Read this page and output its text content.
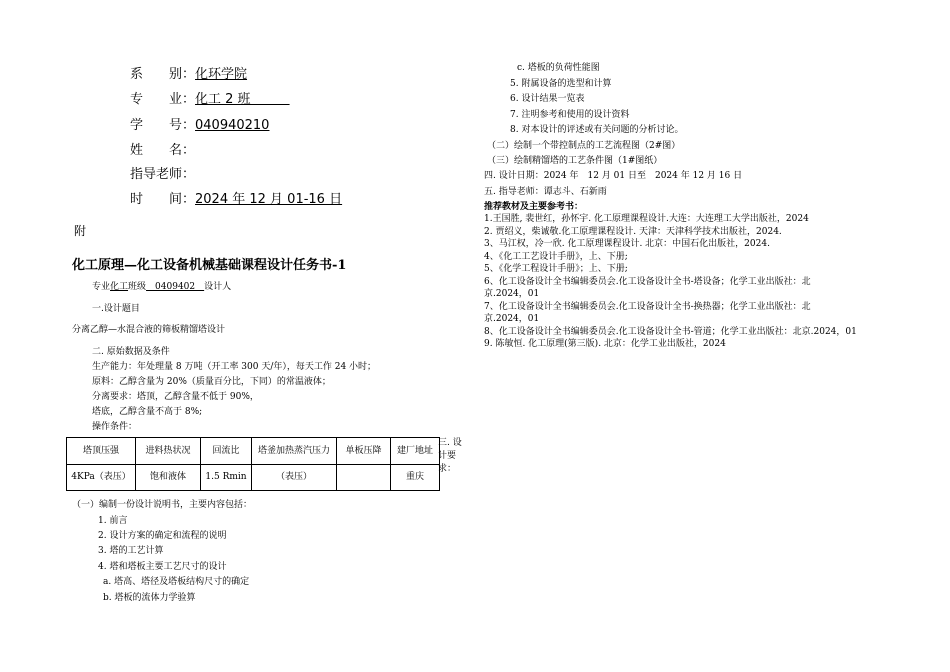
系　　别：化环学院
专　　业：化工 2 班　　　
学　　号：040940210
姓　　名：
指导老师：
时　　间：2024 年 12 月 01-16 日
附
化工原理—化工设备机械基础课程设计任务书-1
专业化工班级　0409402　设计人
一.设计题目
分离乙醇—水混合液的筛板精馏塔设计
二. 原始数据及条件
生产能力：年处理量 8 万吨（开工率 300 天/年），每天工作 24 小时；
原料：乙醇含量为 20%（质量百分比，下同）的常温液体；
分离要求：塔顶，乙醇含量不低于 90%，
塔底，乙醇含量不高于 8%;
操作条件：
塔顶压强	进料热状况	回流比	塔釜加热蒸汽压力	单板压降	建厂地址
4KPa（表压）	饱和液体	1.5 Rmin	（表压）		重庆
三. 设计要求：
（一）编制一份设计说明书，主要内容包括：
1. 前言
2. 设计方案的确定和流程的说明
3. 塔的工艺计算
4. 塔和塔板主要工艺尺寸的设计
a. 塔高、塔径及塔板结构尺寸的确定
b. 塔板的流体力学验算
c. 塔板的负荷性能图
5. 附属设备的选型和计算
6. 设计结果一览表
7. 注明参考和使用的设计资料
8. 对本设计的评述或有关问题的分析讨论。
（二）绘制一个带控制点的工艺流程图（2#图）
（三）绘制精馏塔的工艺条件图（1#图纸）
四. 设计日期：2024 年　12 月 01 日至　2024 年 12 月 16 日
五. 指导老师：谭志斗、石新雨
推荐教材及主要参考书：
1.王国胜, 裴世红，孙怀宇. 化工原理课程设计.大连：大连理工大学出版社，2024
2. 贾绍义，柴诚敬.化工原理课程设计. 天津：天津科学技术出版社，2024.
3、马江权，冷一欣. 化工原理课程设计. 北京：中国石化出版社，2024.
4、《化工工艺设计手册》，上、下册;
5、《化学工程设计手册》；上、下册;
6、化工设备设计全书编辑委员会.化工设备设计全书-塔设备；化学工业出版社：北
京.2024，01
7、化工设备设计全书编辑委员会.化工设备设计全书-换热器；化学工业出版社：北
京.2024，01
8、化工设备设计全书编辑委员会.化工设备设计全书-管道；化学工业出版社：北京.2024，01
9. 陈敏恒. 化工原理(第三版). 北京：化学工业出版社，2024
